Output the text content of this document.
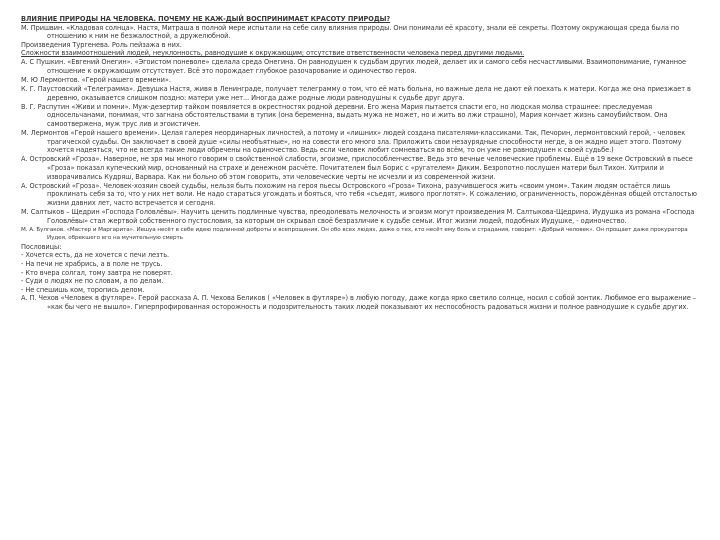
ВЛИЯНИЕ ПРИРОДЫ НА ЧЕЛОВЕКА. ПОЧЕМУ НЕ КАЖ-ДЫЙ ВОСПРИНИМАЕТ КРАСОТУ ПРИРОДЫ?

М. Пришвин. «Кладовая солнца». Настя, Митраша в полной мере испытали на себе силу влияния природы. Они понимали её красоту, знали её секреты. Поэтому окружающая среда была по отношению к ним не безжалостной, а дружелюбной.

Произведения Тургенева. Роль пейзажа в них.

Сложности взаимоотношений людей, неуклонность, равнодушие к окружающим; отсутствие ответственности человека перед другими людьми.

А. С Пушкин. «Евгений Онегин». «Эгоистом поневоле» сделала среда Онегина. Он равнодушен к судьбам других людей, делает их и самого себя несчастливыми. Взаимопонимание, гуманное отношение к окружающим отсутствует. Всё это порождает глубокое разочарование и одиночество героя.

М. Ю Лермонтов. «Герой нашего времени».

К. Г. Паустовский «Телеграмма». Девушка Настя, живя в Ленинграде, получает телеграмму о том, что её мать больна, но важные дела не дают ей поехать к матери. Когда же она приезжает в деревню, оказывается слишком поздно: матери уже нет... Иногда даже родные люди равнодушны к судьбе друг друга.

В. Г. Распутин «Живи и помни». Муж-дезертир тайком появляется в окрестностях родной деревни. Его жена Мария пытается спасти его, но людская молва страшнее: преследуемая односельчанами, понимая, что загнана обстоятельствами в тупик (она беременна, выдать мужа не может, но и жить во лжи страшно), Мария кончает жизнь самоубийством. Она самоотвержена, муж трус лив и эгоистичен.

М. Лермонтов «Герой нашего времени». Целая галерея неординарных личностей, а потому и «лишних» людей создана писателями-классиками. Так, Печорин, лермонтовский герой, - человек трагической судьбы. Он заключает в своей душе «силы необъятные», но на совести его много зла. Приложить свои незаурядные способности негде, а он жадно ищет этого. Поэтому хочется надеяться, что не всегда такие люди обречены на одиночество. Ведь если человек любит сомневаться во всём, то он уже не равнодушен к своей судьбе.)

А. Островский «Гроза». Наверное, не зря мы много говорим о свойственной слабости, эгоизме, приспособленчестве. Ведь это вечные человеческие проблемы. Ещё в 19 веке Островский в пьесе «Гроза» показал купеческий мир, основанный на страхе и денежном расчёте. Почитателем был Борис с «ругателем» Диким. Безропотно послушен матери был Тихон. Хитрили и изворачивались Кудряш, Варвара. Как ни больно об этом говорить, эти человеческие черты не исчезли и из современной жизни.

А. Островский «Гроза». Человек-хозяин своей судьбы, нельзя быть похожим на героя пьесы Островского «Гроза» Тихона, разучившегося жить «своим умом». Таким людям остаётся лишь проклинать себя за то, что у них нет воли. Не надо стараться угождать и бояться, что тебя «съедят, живого проглотят». К сожалению, ограниченность, порождённая общей отсталостью жизни давних лет, часто встречается и сегодня.

М. Салтыков – Щедрин «Господа Головлёвы». Научить ценить подлинные чувства, преодолевать мелочность и эгоизм могут произведения М. Салтыкова-Щедрина. Иудушка из романа «Господа Головлёвы» стал жертвой собственного пустословия, за которым он скрывал своё безразличие к судьбе семьи. Итог жизни людей, подобных Иудушке, - одиночество.

М. А. Булгаков. «Мастер и Маргарита». Иешуа несёт в себе идею подлинной доброты и всепрощения. Он обо всех людях, даже о тех, кто несёт ему боль и страдания, говорит: «Добрый человек». Он прощает даже прокуратора Иудея, обрекшего его на мучительную смерть

Пословицы:

- Хочется есть, да не хочется с печи лезть.

- На печи не храбрись, а в поле не трусь.

- Кто вчера солгал, тому завтра не поверят.

- Суди о людях не по словам, а по делам.

- Не спешишь ком, торопись делом.

А. П. Чехов «Человек в футляре». Герой рассказа А. П. Чехова Беликов ( «Человек в футляре») в любую погоду, даже когда ярко светило солнце, носил с собой зонтик. Любимое его выражение – «как бы чего не вышло». Гиперпрофированная осторожность и подозрительность таких людей показывают их неспособность радоваться жизни и полное равнодушие к судьбе других.
